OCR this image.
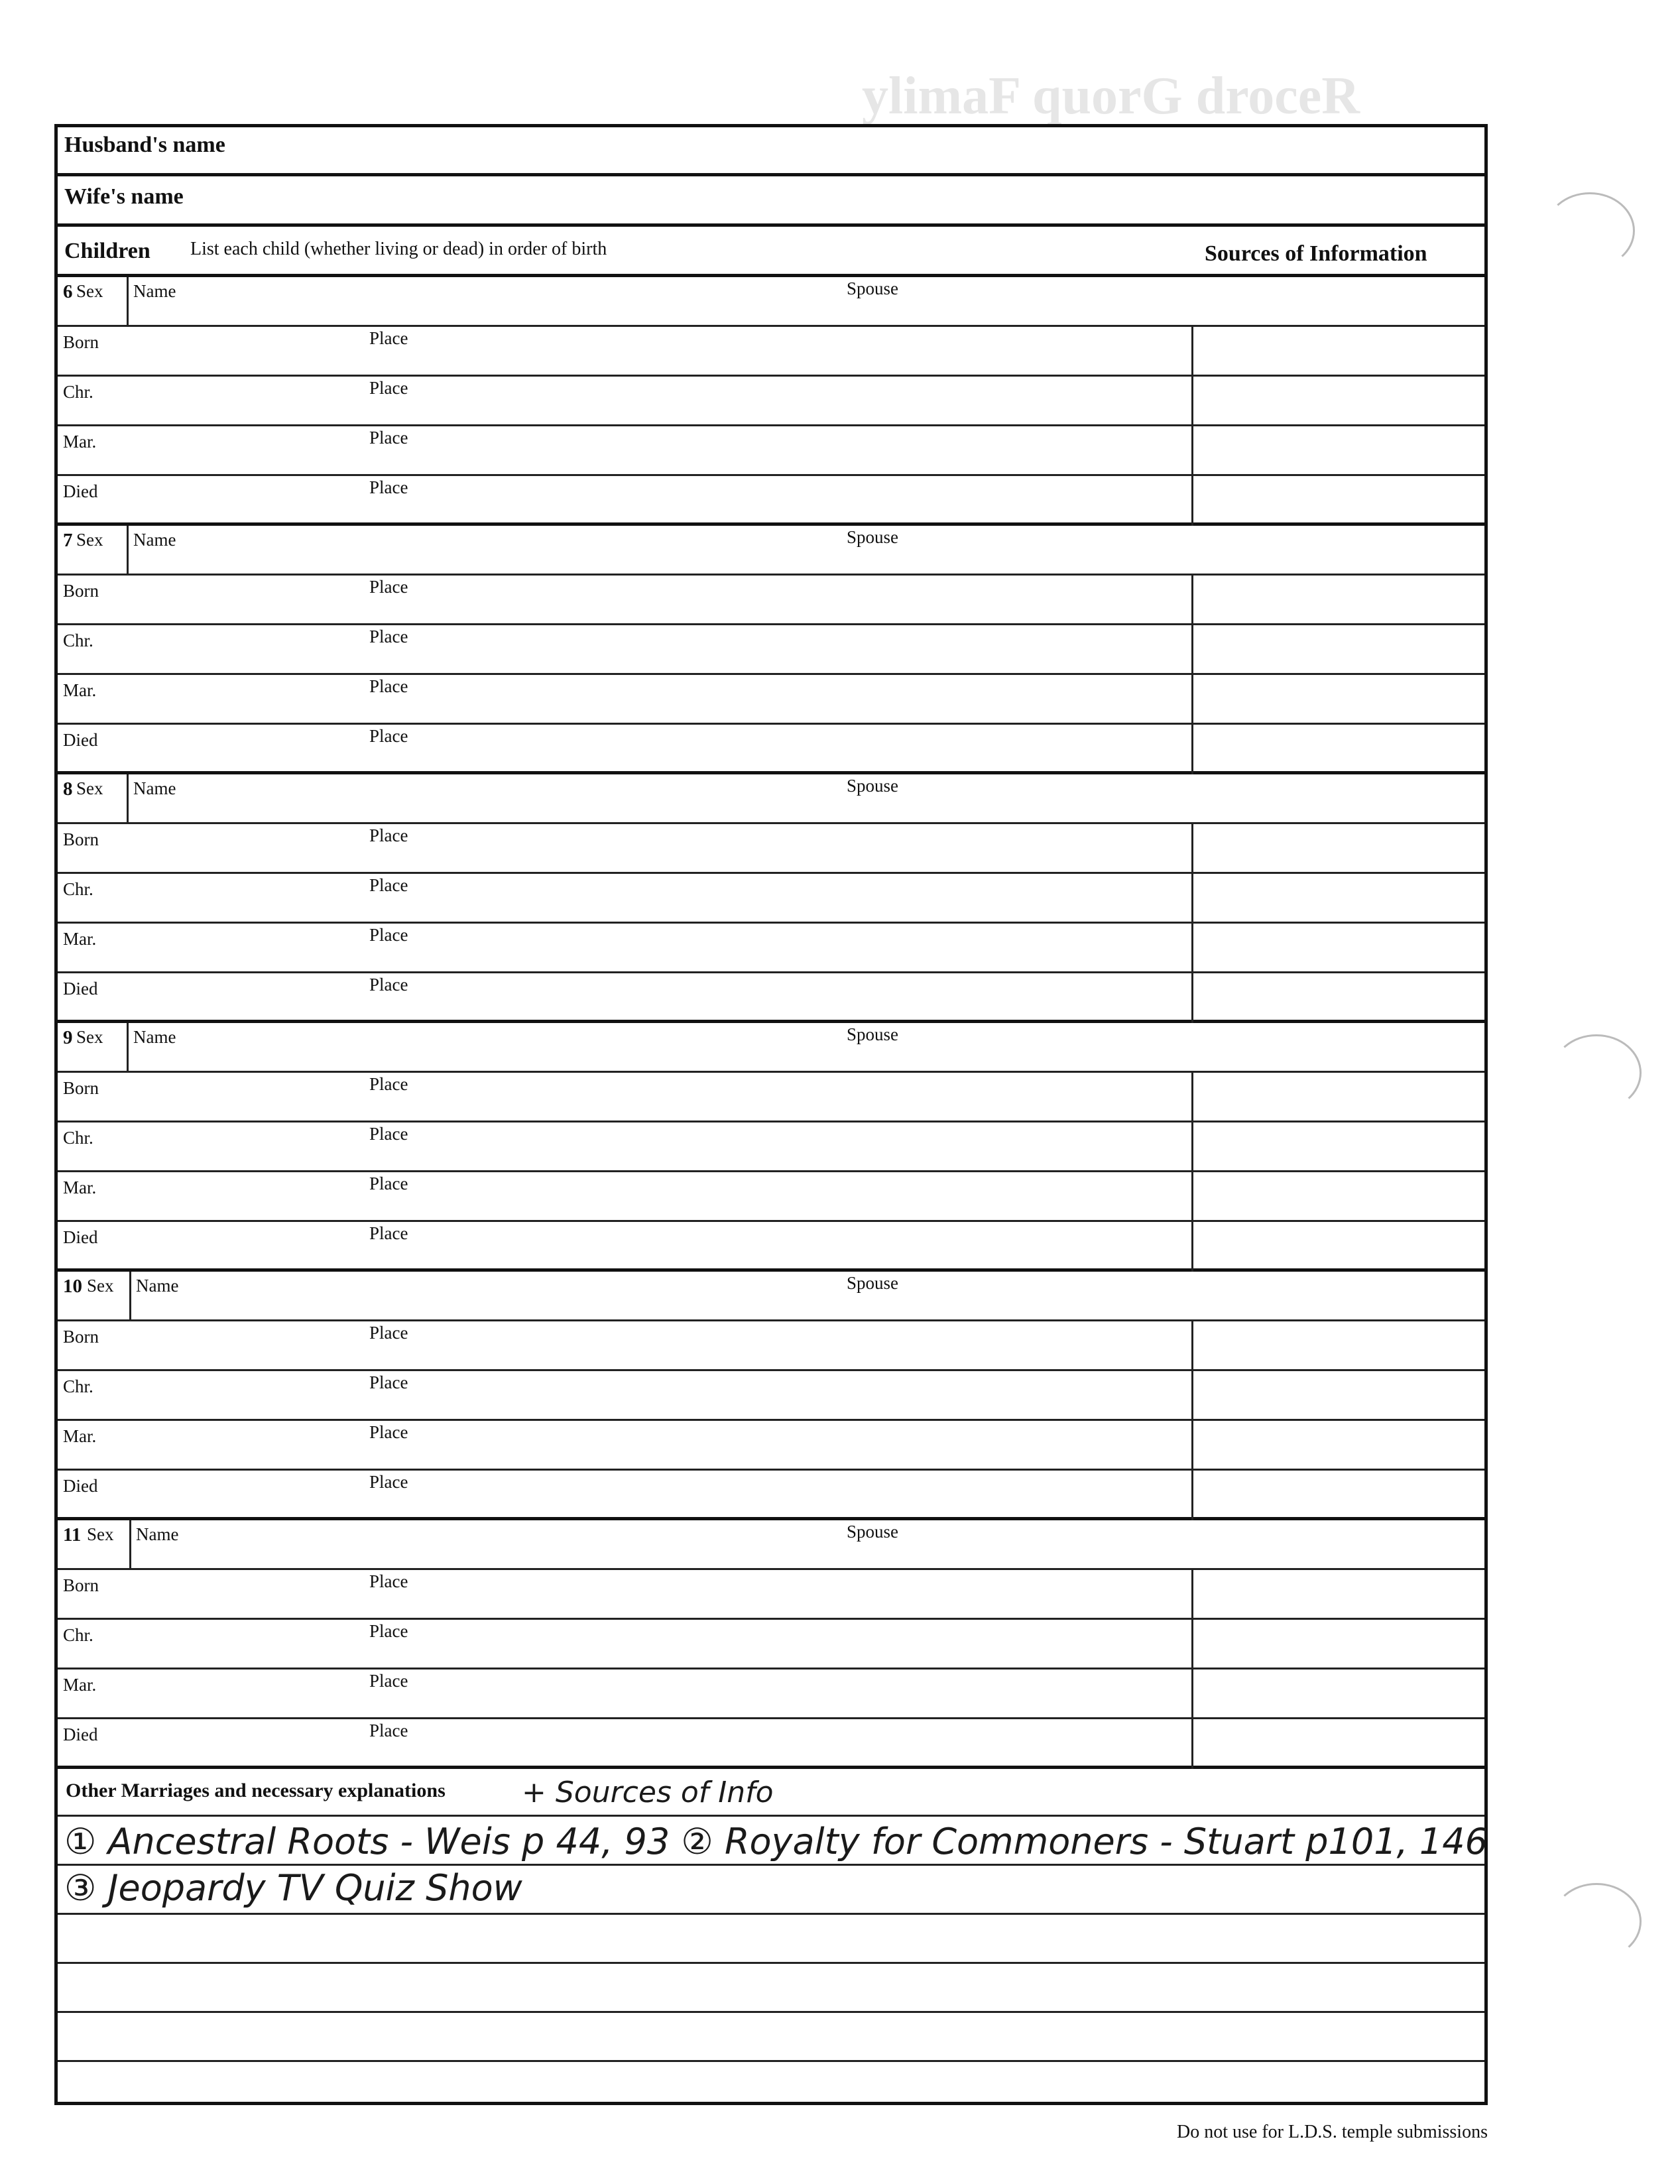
ylimaF quorG droceR
Husband's name
Wife's name
Children List each child (whether living or dead) in order of birth	Sources of Information
6 Sex Name	Spouse
Born	Place
Chr.	Place
Mar.	Place
Died	Place
7 Sex Name	Spouse
Born	Place
Chr.	Place
Mar.	Place
Died	Place
8 Sex Name	Spouse
Born	Place
Chr.	Place
Mar.	Place
Died	Place
9 Sex Name	Spouse
Born	Place
Chr.	Place
Mar.	Place
Died	Place
10 Sex Name	Spouse
Born	Place
Chr.	Place
Mar.	Place
Died	Place
11 Sex Name	Spouse
Born	Place
Chr.	Place
Mar.	Place
Died	Place
Other Marriages and necessary explanations	+ Sources of Info
① Ancestral Roots - Weis p 44, 93 ② Royalty for Commoners - Stuart p101, 146
③ Jeopardy TV Quiz Show
Do not use for L.D.S. temple submissions
